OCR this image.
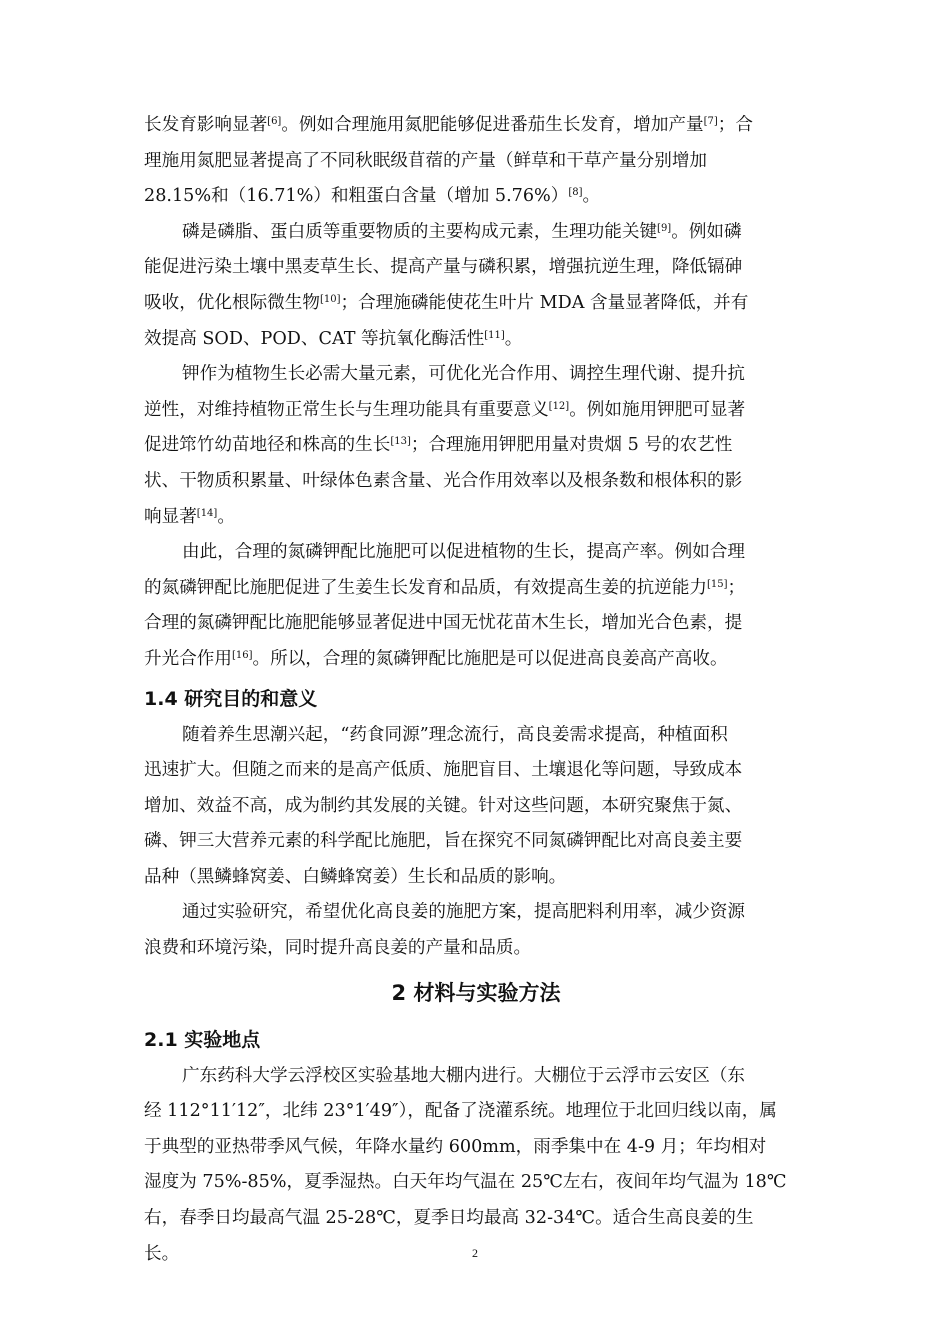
长发育影响显著[6]。例如合理施用氮肥能够促进番茄生长发育，增加产量[7]；合
理施用氮肥显著提高了不同秋眠级苜蓿的产量（鲜草和干草产量分别增加
28.15%和（16.71%）和粗蛋白含量（增加 5.76%）[8]。
磷是磷脂、蛋白质等重要物质的主要构成元素，生理功能关键[9]。例如磷
能促进污染土壤中黑麦草生长、提高产量与磷积累，增强抗逆生理，降低镉砷
吸收，优化根际微生物[10]；合理施磷能使花生叶片 MDA 含量显著降低，并有
效提高 SOD、POD、CAT 等抗氧化酶活性[11]。
钾作为植物生长必需大量元素，可优化光合作用、调控生理代谢、提升抗
逆性，对维持植物正常生长与生理功能具有重要意义[12]。例如施用钾肥可显著
促进筇竹幼苗地径和株高的生长[13]；合理施用钾肥用量对贵烟 5 号的农艺性
状、干物质积累量、叶绿体色素含量、光合作用效率以及根条数和根体积的影
响显著[14]。
由此，合理的氮磷钾配比施肥可以促进植物的生长，提高产率。例如合理
的氮磷钾配比施肥促进了生姜生长发育和品质，有效提高生姜的抗逆能力[15]；
合理的氮磷钾配比施肥能够显著促进中国无忧花苗木生长，增加光合色素，提
升光合作用[16]。所以，合理的氮磷钾配比施肥是可以促进高良姜高产高收。
1.4 研究目的和意义
随着养生思潮兴起，“药食同源”理念流行，高良姜需求提高，种植面积
迅速扩大。但随之而来的是高产低质、施肥盲目、土壤退化等问题，导致成本
增加、效益不高，成为制约其发展的关键。针对这些问题，本研究聚焦于氮、
磷、钾三大营养元素的科学配比施肥，旨在探究不同氮磷钾配比对高良姜主要
品种（黑鳞蜂窝姜、白鳞蜂窝姜）生长和品质的影响。
通过实验研究，希望优化高良姜的施肥方案，提高肥料利用率，减少资源
浪费和环境污染，同时提升高良姜的产量和品质。
2 材料与实验方法
2.1 实验地点
广东药科大学云浮校区实验基地大棚内进行。大棚位于云浮市云安区（东
经 112°11′12″，北纬 23°1′49″），配备了浇灌系统。地理位于北回归线以南，属
于典型的亚热带季风气候，年降水量约 600mm，雨季集中在 4-9 月；年均相对
湿度为 75%-85%，夏季湿热。白天年均气温在 25℃左右，夜间年均气温为 18℃
右，春季日均最高气温 25-28℃，夏季日均最高 32-34℃。适合生高良姜的生
长。	2
